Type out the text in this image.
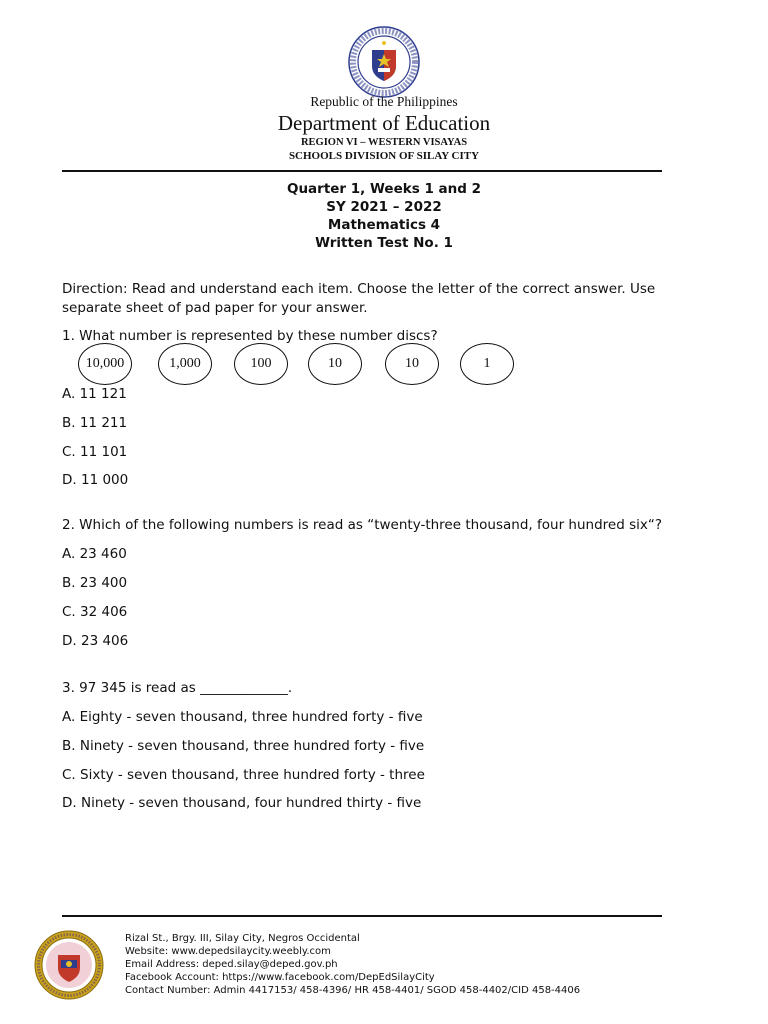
Republic of the Philippines
Department of Education
REGION VI – WESTERN VISAYAS
SCHOOLS DIVISION OF SILAY CITY
Quarter 1, Weeks 1 and 2
SY 2021 – 2022
Mathematics 4
Written Test No. 1
Direction: Read and understand each item. Choose the letter of the correct answer. Use separate sheet of pad paper for your answer.
1. What number is represented by these number discs?
10,000	1,000	100	10	10	1
A. 11 121
B. 11 211
C. 11 101
D. 11 000
2. Which of the following numbers is read as “twenty-three thousand, four hundred six“?
A. 23 460
B. 23 400
C. 32 406
D. 23 406
3. 97 345 is read as _____________.
A. Eighty - seven thousand, three hundred forty - five
B. Ninety - seven thousand, three hundred forty - five
C. Sixty - seven thousand, three hundred forty - three
D. Ninety - seven thousand, four hundred thirty - five
Rizal St., Brgy. III, Silay City, Negros Occidental
Website: www.depedsilaycity.weebly.com
Email Address: deped.silay@deped.gov.ph
Facebook Account: https://www.facebook.com/DepEdSilayCity
Contact Number: Admin 4417153/ 458-4396/ HR 458-4401/ SGOD 458-4402/CID 458-4406
